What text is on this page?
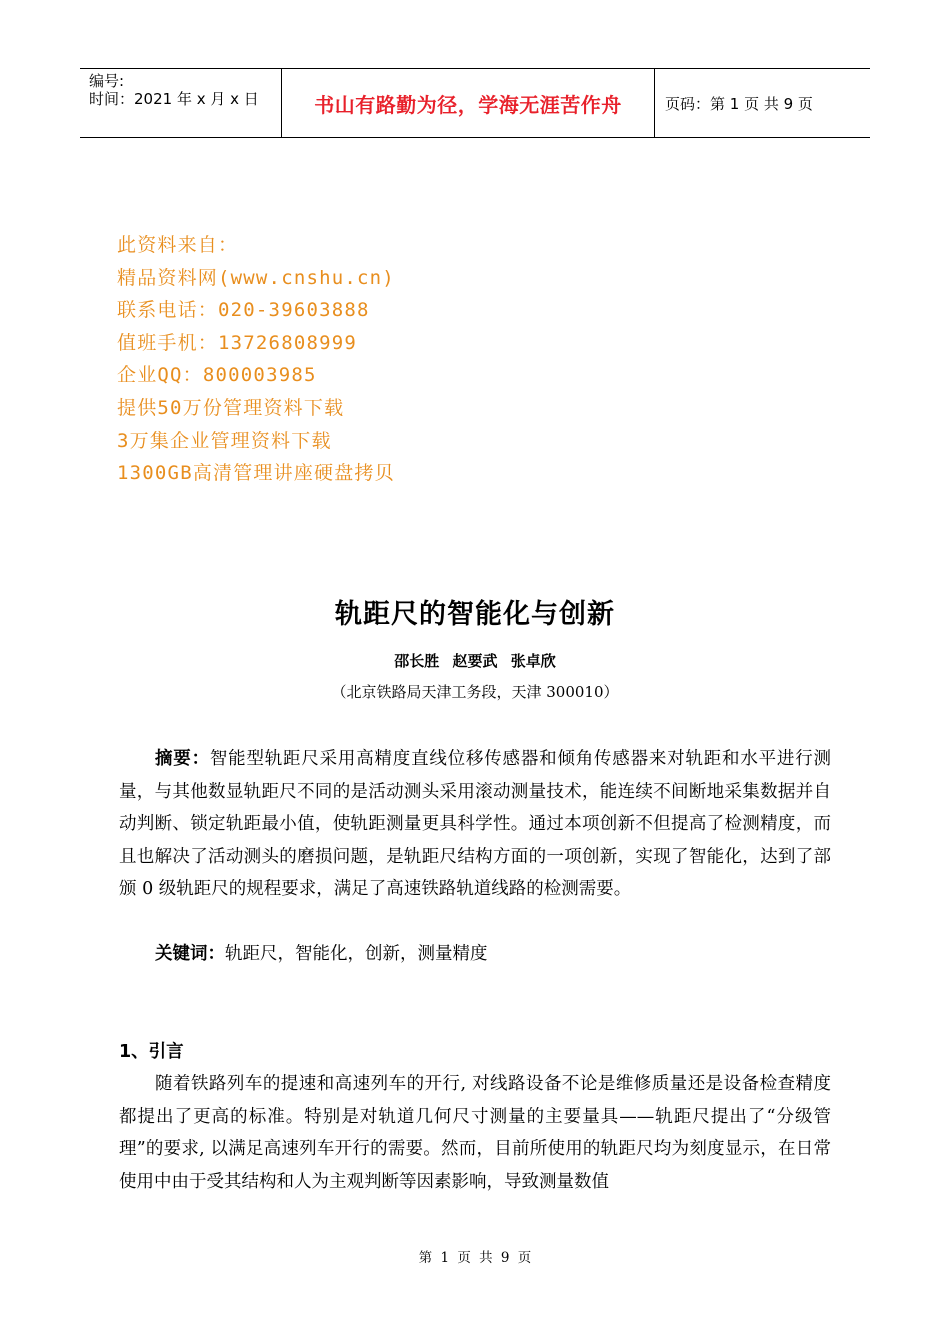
编号:
时间：2021 年 x 月 x 日	书山有路勤为径，学海无涯苦作舟	页码：第 1 页 共 9 页
此资料来自：
精品资料网(www.cnshu.cn)
联系电话：020-39603888
值班手机：13726808999
企业QQ：800003985
提供50万份管理资料下载
3万集企业管理资料下载
1300GB高清管理讲座硬盘拷贝
轨距尺的智能化与创新
邵长胜 赵要武 张卓欣
（北京铁路局天津工务段，天津 300010）
摘要：智能型轨距尺采用高精度直线位移传感器和倾角传感器来对轨距和水平进行测量，与其他数显轨距尺不同的是活动测头采用滚动测量技术，能连续不间断地采集数据并自动判断、锁定轨距最小值，使轨距测量更具科学性。通过本项创新不但提高了检测精度，而且也解决了活动测头的磨损问题，是轨距尺结构方面的一项创新，实现了智能化，达到了部颁 0 级轨距尺的规程要求，满足了高速铁路轨道线路的检测需要。
关键词：轨距尺，智能化，创新，测量精度
1、引言
随着铁路列车的提速和高速列车的开行, 对线路设备不论是维修质量还是设备检查精度都提出了更高的标准。特别是对轨道几何尺寸测量的主要量具——轨距尺提出了“分级管理”的要求, 以满足高速列车开行的需要。然而，目前所使用的轨距尺均为刻度显示，在日常使用中由于受其结构和人为主观判断等因素影响，导致测量数值
第 1 页 共 9 页
